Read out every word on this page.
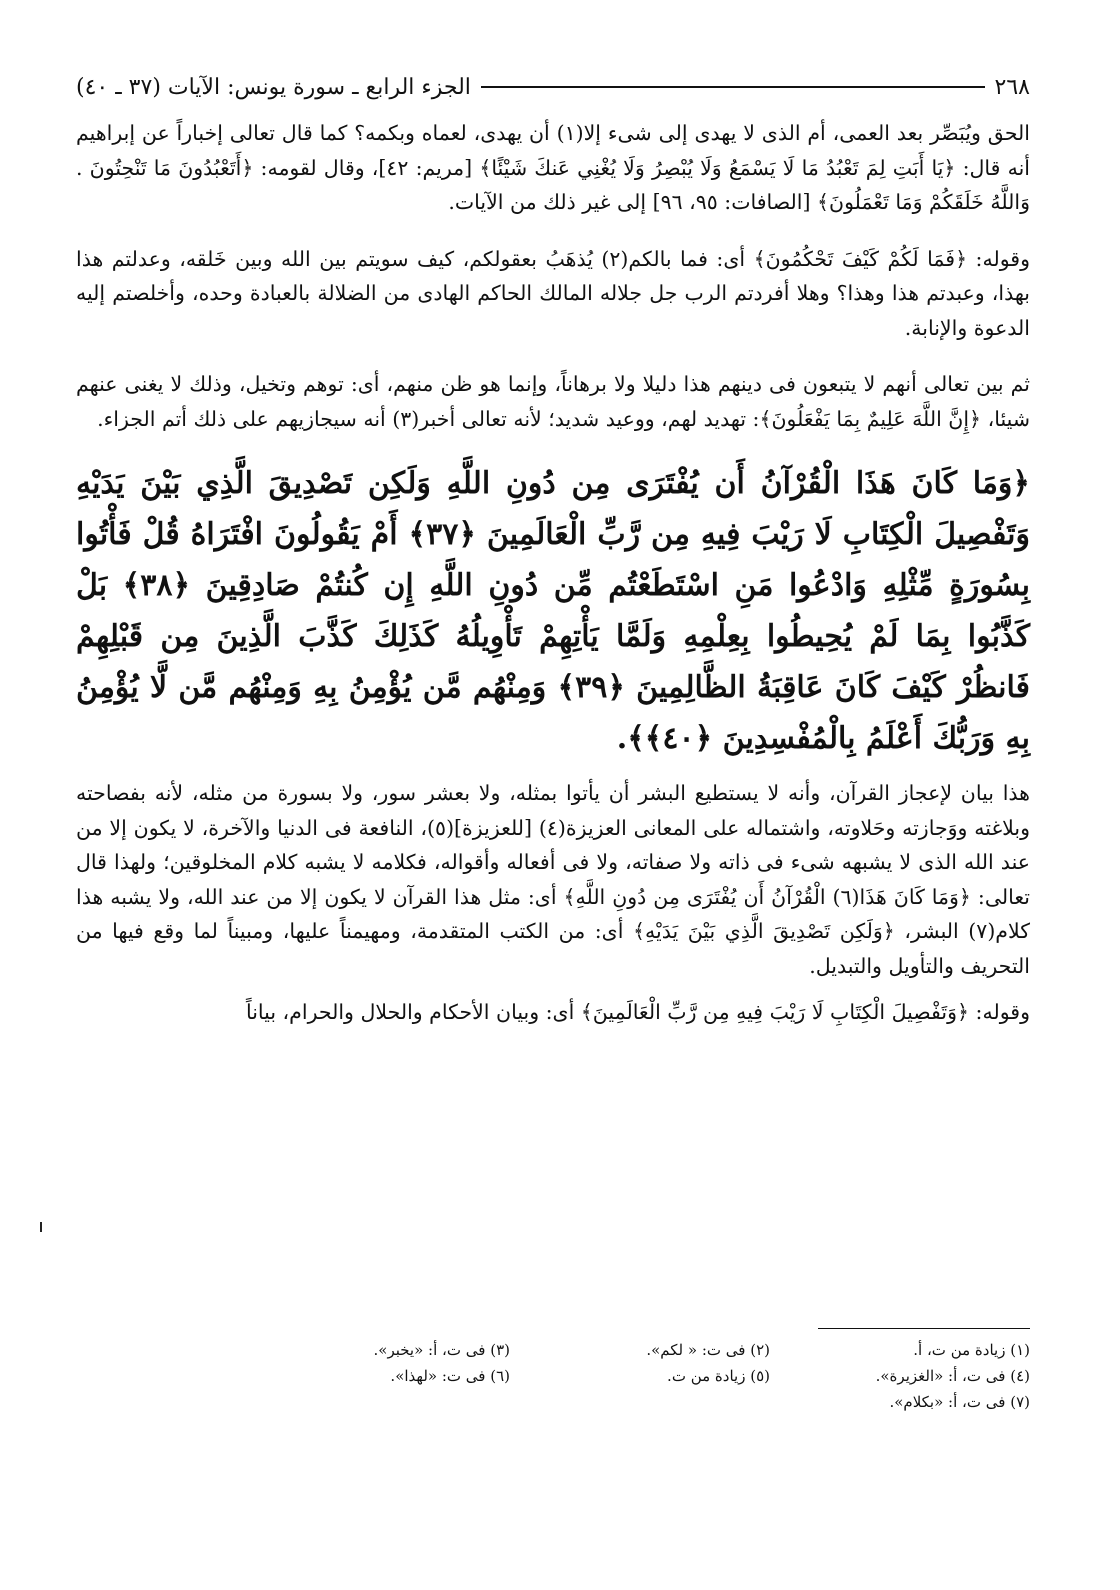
٢٦٨
الجزء الرابع ـ سورة يونس: الآيات (٣٧ ـ ٤٠)

الحق ويُبَصِّر بعد العمى، أم الذى لا يهدى إلى شىء إلا(١) أن يهدى، لعماه وبكمه؟ كما قال تعالى إخباراً عن إبراهيم أنه قال: ﴿يَا أَبَتِ لِمَ تَعْبُدُ مَا لَا يَسْمَعُ وَلَا يُبْصِرُ وَلَا يُغْنِي عَنكَ شَيْئًا﴾ [مريم: ٤٢]، وقال لقومه: ﴿أَتَعْبُدُونَ مَا تَنْحِتُونَ . وَاللَّهُ خَلَقَكُمْ وَمَا تَعْمَلُونَ﴾ [الصافات: ٩٥، ٩٦] إلى غير ذلك من الآيات.

وقوله: ﴿فَمَا لَكُمْ كَيْفَ تَحْكُمُونَ﴾ أى: فما بالكم(٢) يُذهَبُ بعقولكم، كيف سويتم بين الله وبين خَلقه، وعدلتم هذا بهذا، وعبدتم هذا وهذا؟ وهلا أفردتم الرب جل جلاله المالك الحاكم الهادى من الضلالة بالعبادة وحده، وأخلصتم إليه الدعوة والإنابة.

ثم بين تعالى أنهم لا يتبعون فى دينهم هذا دليلا ولا برهاناً، وإنما هو ظن منهم، أى: توهم وتخيل، وذلك لا يغنى عنهم شيئا، ﴿إِنَّ اللَّهَ عَلِيمٌ بِمَا يَفْعَلُونَ﴾: تهديد لهم، ووعيد شديد؛ لأنه تعالى أخبر(٣) أنه سيجازيهم على ذلك أتم الجزاء.

﴿وَمَا كَانَ هَذَا الْقُرْآنُ أَن يُفْتَرَى مِن دُونِ اللَّهِ وَلَكِن تَصْدِيقَ الَّذِي بَيْنَ يَدَيْهِ وَتَفْصِيلَ الْكِتَابِ لَا رَيْبَ فِيهِ مِن رَّبِّ الْعَالَمِينَ ﴿٣٧﴾ أَمْ يَقُولُونَ افْتَرَاهُ قُلْ فَأْتُوا بِسُورَةٍ مِّثْلِهِ وَادْعُوا مَنِ اسْتَطَعْتُم مِّن دُونِ اللَّهِ إِن كُنتُمْ صَادِقِينَ ﴿٣٨﴾ بَلْ كَذَّبُوا بِمَا لَمْ يُحِيطُوا بِعِلْمِهِ وَلَمَّا يَأْتِهِمْ تَأْوِيلُهُ كَذَلِكَ كَذَّبَ الَّذِينَ مِن قَبْلِهِمْ فَانظُرْ كَيْفَ كَانَ عَاقِبَةُ الظَّالِمِينَ ﴿٣٩﴾ وَمِنْهُم مَّن يُؤْمِنُ بِهِ وَمِنْهُم مَّن لَّا يُؤْمِنُ بِهِ وَرَبُّكَ أَعْلَمُ بِالْمُفْسِدِينَ ﴿٤٠﴾﴾.

هذا بيان لإعجاز القرآن، وأنه لا يستطيع البشر أن يأتوا بمثله، ولا بعشر سور، ولا بسورة من مثله، لأنه بفصاحته وبلاغته ووَجازته وحَلاوته، واشتماله على المعانى العزيزة(٤) [للعزيزة](٥)، النافعة فى الدنيا والآخرة، لا يكون إلا من عند الله الذى لا يشبهه شىء فى ذاته ولا صفاته، ولا فى أفعاله وأقواله، فكلامه لا يشبه كلام المخلوقين؛ ولهذا قال تعالى: ﴿وَمَا كَانَ هَذَا(٦) الْقُرْآنُ أَن يُفْتَرَى مِن دُونِ اللَّهِ﴾ أى: مثل هذا القرآن لا يكون إلا من عند الله، ولا يشبه هذا كلام(٧) البشر، ﴿وَلَكِن تَصْدِيقَ الَّذِي بَيْنَ يَدَيْهِ﴾ أى: من الكتب المتقدمة، ومهيمناً عليها، ومبيناً لما وقع فيها من التحريف والتأويل والتبديل.

وقوله: ﴿وَتَفْصِيلَ الْكِتَابِ لَا رَيْبَ فِيهِ مِن رَّبِّ الْعَالَمِينَ﴾ أى: وبيان الأحكام والحلال والحرام، بياناً

(١) زيادة من ت، أ.
(٢) فى ت: « لكم».
(٣) فى ت، أ: «يخبر».
(٤) فى ت، أ: «الغزيرة».
(٥) زيادة من ت.
(٦) فى ت: «لهذا».
(٧) فى ت، أ: «بكلام».
